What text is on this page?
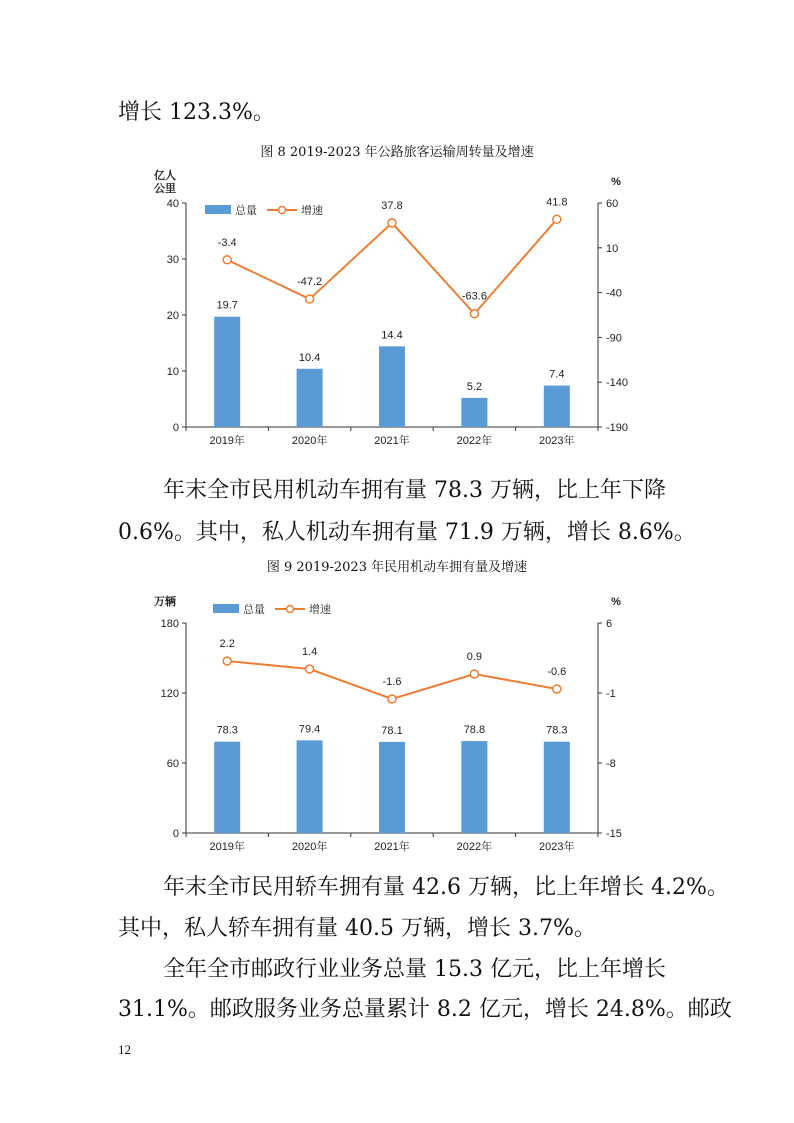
增长 123.3%。
图 8 2019-2023 年公路旅客运输周转量及增速
0
10
20
30
40
-190
-140
-90
-40
10
60
2019年	2020年	2021年	2022年	2023年
亿人
公里
%
19.7
10.4
14.4
5.2
7.4
-3.4
-47.2
37.8
-63.6
41.8
总量	增速
年末全市民用机动车拥有量 78.3 万辆，比上年下降
0.6%。其中，私人机动车拥有量 71.9 万辆，增长 8.6%。
图 9 2019-2023 年民用机动车拥有量及增速
0
60
120
180
-15
-8
-1
6
2019年	2020年	2021年	2022年	2023年
万辆	%
78.3	79.4	78.1	78.8	78.3
2.2
1.4
-1.6
0.9
-0.6
总量	增速
年末全市民用轿车拥有量 42.6 万辆，比上年增长 4.2%。
其中，私人轿车拥有量 40.5 万辆，增长 3.7%。
全年全市邮政行业业务总量 15.3 亿元，比上年增长
31.1%。邮政服务业务总量累计 8.2 亿元，增长 24.8%。邮政
12
